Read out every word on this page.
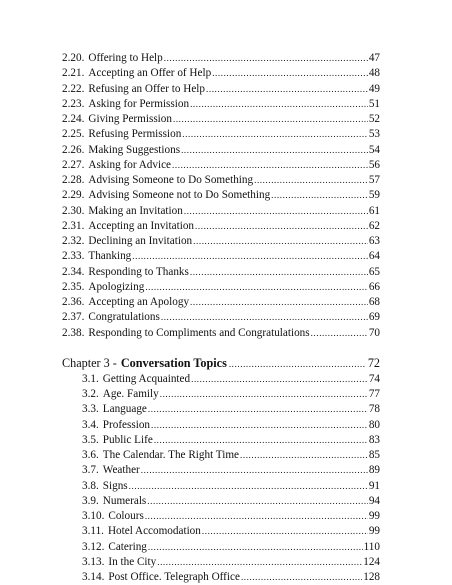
2.20. Offering to Help .....	47
2.21. Accepting an Offer of Help .....	48
2.22. Refusing an Offer to Help .....	49
2.23. Asking for Permission .....	51
2.24. Giving Permission .....	52
2.25. Refusing Permission .....	53
2.26. Making Suggestions .....	54
2.27. Asking for Advice .....	56
2.28. Advising Someone to Do Something .....	57
2.29. Advising Someone not to Do Something .....	59
2.30. Making an Invitation .....	61
2.31. Accepting an Invitation .....	62
2.32. Declining an Invitation .....	63
2.33. Thanking .....	64
2.34. Responding to Thanks .....	65
2.35. Apologizing .....	66
2.36. Accepting an Apology .....	68
2.37. Congratulations .....	69
2.38. Responding to Compliments and Congratulations .....	70
Chapter 3 - Conversation Topics .....	72
3.1. Getting Acquainted .....	74
3.2. Age. Family .....	77
3.3. Language .....	78
3.4. Profession .....	80
3.5. Public Life .....	83
3.6. The Calendar. The Right Time .....	85
3.7. Weather .....	89
3.8. Signs .....	91
3.9. Numerals .....	94
3.10. Colours .....	99
3.11. Hotel Accomodation .....	99
3.12. Catering .....	110
3.13. In the City .....	124
3.14. Post Office. Telegraph Office .....	128
